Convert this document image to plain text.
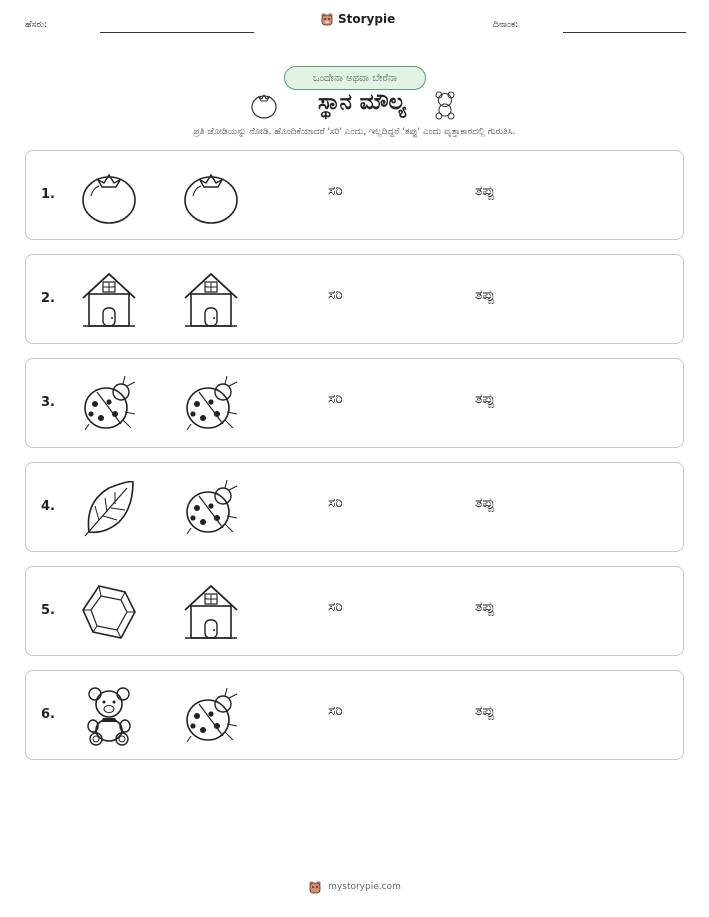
ಹೆಸರು:	Storypie	ದಿನಾಂಕ:
ಒಂದೇನಾ ಅಥವಾ ಬೇರೆನಾ
ಸ್ಥಾನ ಮೌಲ್ಯ
ಪ್ರತಿ ಜೋಡಿಯನ್ನು ನೋಡಿ. ಹೊಂದಿಕೆಯಾದರೆ 'ಸರಿ' ಎಂದು, ಇಲ್ಲದಿದ್ದರೆ 'ತಪ್ಪು' ಎಂದು ವೃತ್ತಾಕಾರದಲ್ಲಿ ಗುರುತಿಸಿ.
1.	ಸರಿ	ತಪ್ಪು
2.	ಸರಿ	ತಪ್ಪು
3.	ಸರಿ	ತಪ್ಪು
4.	ಸರಿ	ತಪ್ಪು
5.	ಸರಿ	ತಪ್ಪು
6.	ಸರಿ	ತಪ್ಪು
mystorypie.com
